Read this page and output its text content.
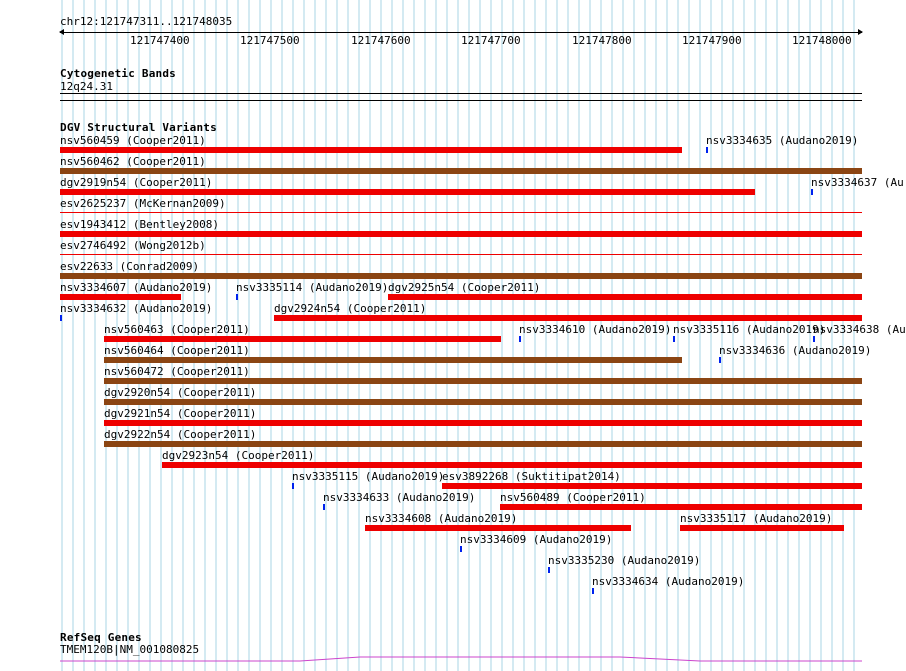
chr12:121747311..121748035
121747400	121747500	121747600	121747700	121747800	121747900	121748000
Cytogenetic Bands
12q24.31
DGV Structural Variants
nsv560459 (Cooper2011)	nsv3334635 (Audano2019)
nsv560462 (Cooper2011)
dgv2919n54 (Cooper2011)	nsv3334637 (Au
esv2625237 (McKernan2009)
esv1943412 (Bentley2008)
esv2746492 (Wong2012b)
esv22633 (Conrad2009)
nsv3334607 (Audano2019) nsv3335114 (Audano2019) dgv2925n54 (Cooper2011)
nsv3334632 (Audano2019)	dgv2924n54 (Cooper2011)
nsv560463 (Cooper2011)	nsv3334610 (Audano2019) nsv3335116 (Audano2019)
nsv3334638 (Au
nsv560464 (Cooper2011)	nsv3334636 (Audano2019)
nsv560472 (Cooper2011)
dgv2920n54 (Cooper2011)
dgv2921n54 (Cooper2011)
dgv2922n54 (Cooper2011)
dgv2923n54 (Cooper2011)
nsv3335115 (Audano2019)
esv3892268 (Suktitipat2014)
nsv3334633 (Audano2019) nsv560489 (Cooper2011)
nsv3334608 (Audano2019)	nsv3335117 (Audano2019)
nsv3334609 (Audano2019)
nsv3335230 (Audano2019)
nsv3334634 (Audano2019)
RefSeq Genes
TMEM120B|NM_001080825
